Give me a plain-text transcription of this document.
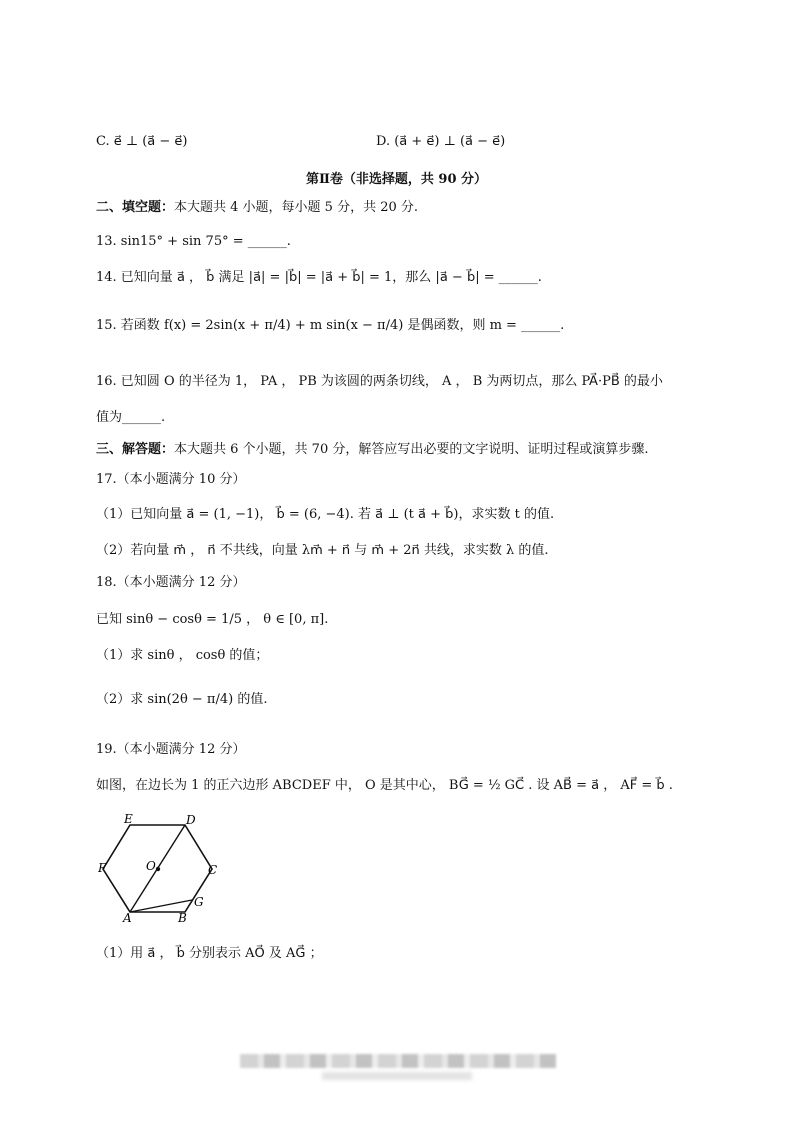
C. e⃗ ⊥ (a⃗ − e⃗)	D. (a⃗ + e⃗) ⊥ (a⃗ − e⃗)
第Ⅱ卷（非选择题，共 90 分）
二、填空题：本大题共 4 小题，每小题 5 分，共 20 分.
13. sin15° + sin 75° = ______.
14. 已知向量 a⃗ ， b⃗ 满足 |a⃗| = |b⃗| = |a⃗ + b⃗| = 1，那么 |a⃗ − b⃗| = ______.
15. 若函数 f(x) = 2sin(x + π/4) + m sin(x − π/4) 是偶函数，则 m = ______.
16. 已知圆 O 的半径为 1， PA ， PB 为该圆的两条切线， A ， B 为两切点，那么 PA⃗·PB⃗ 的最小
值为______.
三、解答题：本大题共 6 个小题，共 70 分，解答应写出必要的文字说明、证明过程或演算步骤.
17.（本小题满分 10 分）
（1）已知向量 a⃗ = (1, −1)， b⃗ = (6, −4). 若 a⃗ ⊥ (t a⃗ + b⃗)，求实数 t 的值.
（2）若向量 m⃗ ， n⃗ 不共线，向量 λm⃗ + n⃗ 与 m⃗ + 2n⃗ 共线，求实数 λ 的值.
18.（本小题满分 12 分）
已知 sinθ − cosθ = 1/5 ， θ ∈ [0, π].
（1）求 sinθ ， cosθ 的值；
（2）求 sin(2θ − π/4) 的值.
19.（本小题满分 12 分）
如图，在边长为 1 的正六边形 ABCDEF 中， O 是其中心， BG⃗ = ½ GC⃗ . 设 AB⃗ = a⃗ ， AF⃗ = b⃗ .
E	D
F	O	C
G
A	B
（1）用 a⃗ ， b⃗ 分别表示 AO⃗ 及 AG⃗ ；
